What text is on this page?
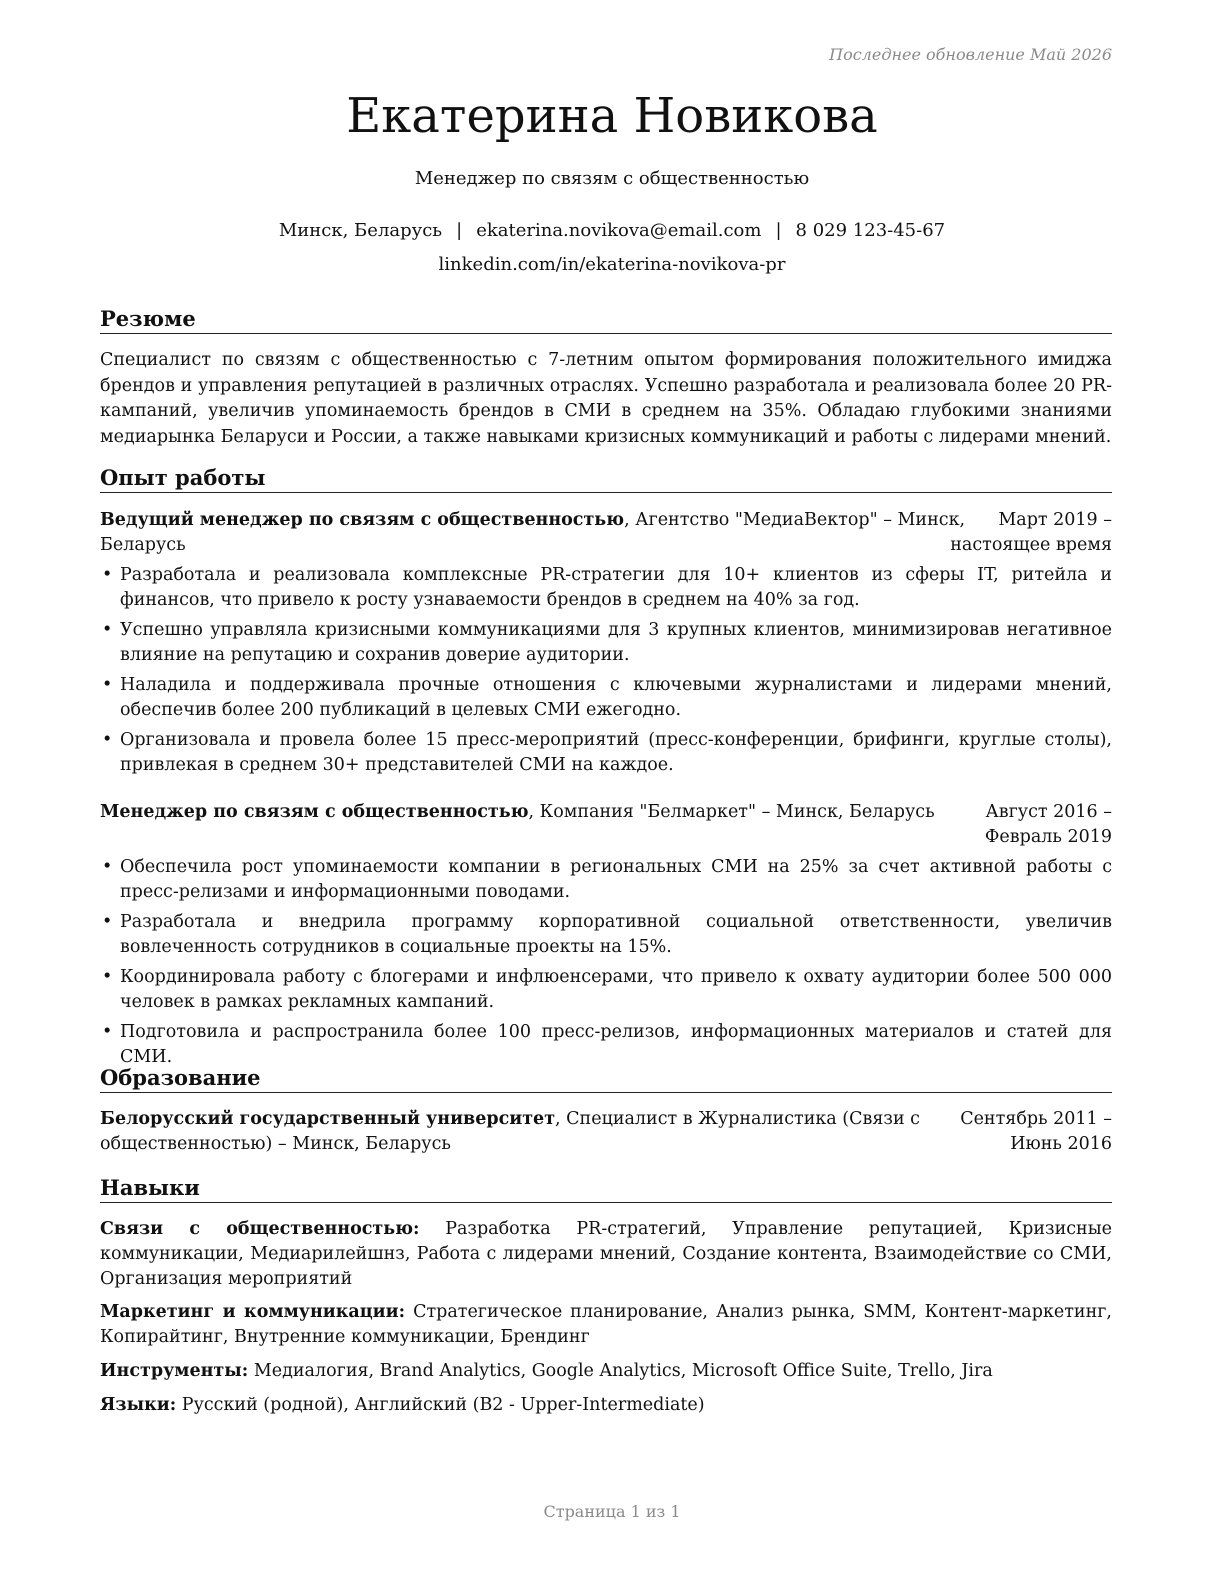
Последнее обновление Май 2026
Екатерина Новикова
Менеджер по связям с общественностью
Минск, Беларусь | ekaterina.novikova@email.com | 8 029 123-45-67
linkedin.com/in/ekaterina-novikova-pr
Резюме
Специалист по связям с общественностью с 7-летним опытом формирования положительного имиджа брендов и управления репутацией в различных отраслях. Успешно разработала и реализовала более 20 PR-кампаний, увеличив упоминаемость брендов в СМИ в среднем на 35%. Обладаю глубокими знаниями медиарынка Беларуси и России, а также навыками кризисных коммуникаций и работы с лидерами мнений.
Опыт работы
Ведущий менеджер по связям с общественностью, Агентство "МедиаВектор" – Минск, Беларусь
Март 2019 – настоящее время
• Разработала и реализовала комплексные PR-стратегии для 10+ клиентов из сферы IT, ритейла и финансов, что привело к росту узнаваемости брендов в среднем на 40% за год.
• Успешно управляла кризисными коммуникациями для 3 крупных клиентов, минимизировав негативное влияние на репутацию и сохранив доверие аудитории.
• Наладила и поддерживала прочные отношения с ключевыми журналистами и лидерами мнений, обеспечив более 200 публикаций в целевых СМИ ежегодно.
• Организовала и провела более 15 пресс-мероприятий (пресс-конференции, брифинги, круглые столы), привлекая в среднем 30+ представителей СМИ на каждое.
Менеджер по связям с общественностью, Компания "Белмаркет" – Минск, Беларусь	Август 2016 – Февраль 2019
• Обеспечила рост упоминаемости компании в региональных СМИ на 25% за счет активной работы с пресс-релизами и информационными поводами.
• Разработала и внедрила программу корпоративной социальной ответственности, увеличив вовлеченность сотрудников в социальные проекты на 15%.
• Координировала работу с блогерами и инфлюенсерами, что привело к охвату аудитории более 500 000 человек в рамках рекламных кампаний.
• Подготовила и распространила более 100 пресс-релизов, информационных материалов и статей для СМИ.
Образование
Белорусский государственный университет, Специалист в Журналистика (Связи с общественностью) – Минск, Беларусь
Сентябрь 2011 – Июнь 2016
Навыки
Связи с общественностью: Разработка PR-стратегий, Управление репутацией, Кризисные коммуникации, Медиарилейшнз, Работа с лидерами мнений, Создание контента, Взаимодействие со СМИ, Организация мероприятий
Маркетинг и коммуникации: Стратегическое планирование, Анализ рынка, SMM, Контент-маркетинг, Копирайтинг, Внутренние коммуникации, Брендинг
Инструменты: Медиалогия, Brand Analytics, Google Analytics, Microsoft Office Suite, Trello, Jira
Языки: Русский (родной), Английский (B2 - Upper-Intermediate)
Страница 1 из 1
